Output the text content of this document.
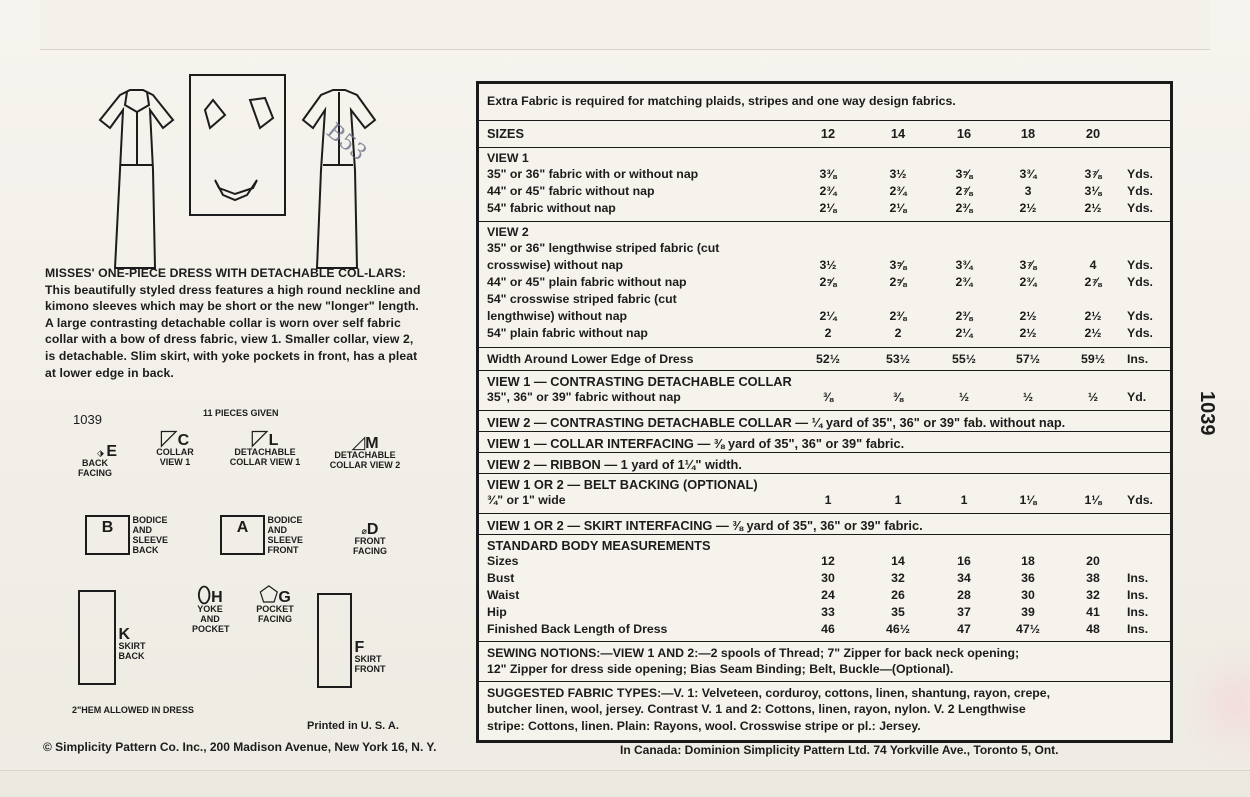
B53
MISSES' ONE-PIECE DRESS WITH DETACHABLE COL-LARS: This beautifully styled dress features a high round neckline and kimono sleeves which may be short or the new "longer" length. A large contrasting detachable collar is worn over self fabric collar with a bow of dress fabric, view 1. Smaller collar, view 2, is detachable. Slim skirt, with yoke pockets in front, has a pleat at lower edge in back.
1039	11 PIECES GIVEN
⬗ E
BACK FACING
◸C
COLLAR VIEW 1
◸L
DETACHABLE COLLAR VIEW 1
◿M
DETACHABLE COLLAR VIEW 2
B BODICE AND SLEEVE BACK
A BODICE AND SLEEVE FRONT
⌀D
FRONT FACING
K
SKIRT BACK
⬯H
YOKE AND POCKET
⬠G
POCKET FACING
F
SKIRT FRONT
2"HEM ALLOWED IN DRESS
Printed in U. S. A.
Extra Fabric is required for matching plaids, stripes and one way design fabrics.
SIZES	12	14	16	18	20
VIEW 1
35" or 36" fabric with or without nap	3⅜	3½	3⅝	3¾	3⅞	Yds.
44" or 45" fabric without nap	2¾	2¾	2⅞	3	3⅛	Yds.
54" fabric without nap	2⅛	2⅛	2⅜	2½	2½	Yds.
VIEW 2
35" or 36" lengthwise striped fabric (cut
crosswise) without nap	3½	3⅝	3¾	3⅞	4	Yds.
44" or 45" plain fabric without nap	2⅝	2⅝	2¾	2¾	2⅞	Yds.
54" crosswise striped fabric (cut
lengthwise) without nap	2¼	2⅜	2⅜	2½	2½	Yds.
54" plain fabric without nap	2	2	2¼	2½	2½	Yds.
Width Around Lower Edge of Dress	52½	53½	55½	57½	59½	Ins.
VIEW 1 — CONTRASTING DETACHABLE COLLAR
35", 36" or 39" fabric without nap	⅜	⅜	½	½	½	Yd.
VIEW 2 — CONTRASTING DETACHABLE COLLAR — ¼ yard of 35", 36" or 39" fab. without nap.
VIEW 1 — COLLAR INTERFACING — ⅜ yard of 35", 36" or 39" fabric.
VIEW 2 — RIBBON — 1 yard of 1¼" width.
VIEW 1 OR 2 — BELT BACKING (OPTIONAL)
¾" or 1" wide	1	1	1	1⅛	1⅛	Yds.
VIEW 1 OR 2 — SKIRT INTERFACING — ⅜ yard of 35", 36" or 39" fabric.
STANDARD BODY MEASUREMENTS
Sizes	12	14	16	18	20
Bust	30	32	34	36	38	Ins.
Waist	24	26	28	30	32	Ins.
Hip	33	35	37	39	41	Ins.
Finished Back Length of Dress	46	46½	47	47½	48	Ins.
SEWING NOTIONS:—VIEW 1 AND 2:—2 spools of Thread; 7" Zipper for back neck opening;
12" Zipper for dress side opening; Bias Seam Binding; Belt, Buckle—(Optional).
SUGGESTED FABRIC TYPES:—V. 1: Velveteen, corduroy, cottons, linen, shantung, rayon, crepe,
butcher linen, wool, jersey. Contrast V. 1 and 2: Cottons, linen, rayon, nylon. V. 2 Lengthwise
stripe: Cottons, linen. Plain: Rayons, wool. Crosswise stripe or pl.: Jersey.
1039
© Simplicity Pattern Co. Inc., 200 Madison Avenue, New York 16, N. Y.	In Canada: Dominion Simplicity Pattern Ltd. 74 Yorkville Ave., Toronto 5, Ont.
